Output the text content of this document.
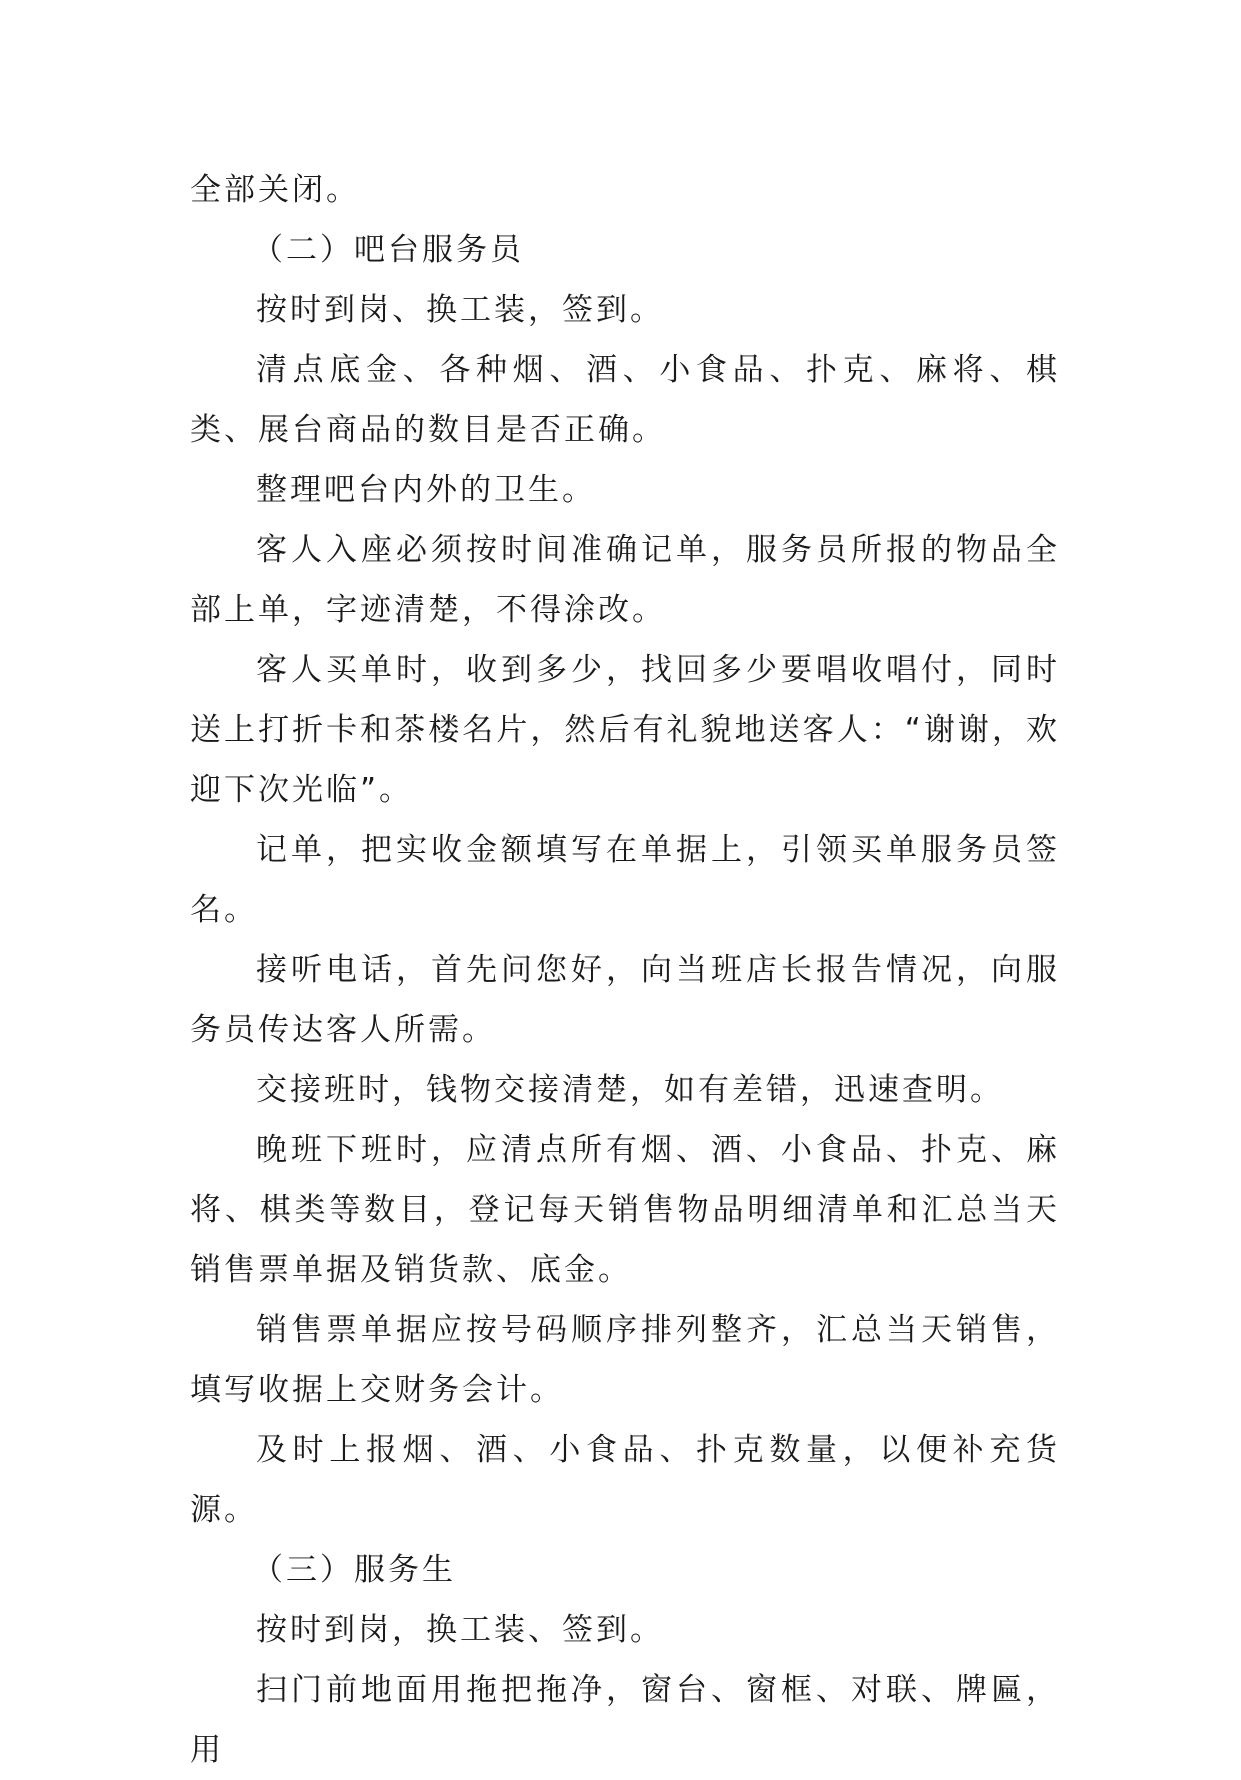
全部关闭。

（二）吧台服务员

按时到岗、换工装，签到。

清点底金、各种烟、酒、小食品、扑克、麻将、棋类、展台商品的数目是否正确。

整理吧台内外的卫生。

客人入座必须按时间准确记单，服务员所报的物品全部上单，字迹清楚，不得涂改。

客人买单时，收到多少，找回多少要唱收唱付，同时送上打折卡和茶楼名片，然后有礼貌地送客人：“谢谢，欢迎下次光临”。

记单，把实收金额填写在单据上，引领买单服务员签名。

接听电话，首先问您好，向当班店长报告情况，向服务员传达客人所需。

交接班时，钱物交接清楚，如有差错，迅速查明。

晚班下班时，应清点所有烟、酒、小食品、扑克、麻将、棋类等数目，登记每天销售物品明细清单和汇总当天销售票单据及销货款、底金。

销售票单据应按号码顺序排列整齐，汇总当天销售，填写收据上交财务会计。

及时上报烟、酒、小食品、扑克数量，以便补充货源。

（三）服务生

按时到岗，换工装、签到。

扫门前地面用拖把拖净，窗台、窗框、对联、牌匾，用
